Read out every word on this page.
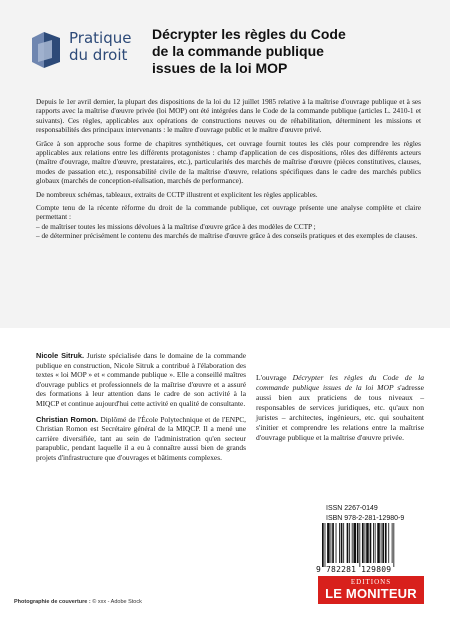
Pratique
du droit
Décrypter les règles du Code
de la commande publique
issues de la loi MOP

Depuis le 1er avril dernier, la plupart des dispositions de la loi du 12 juillet 1985 relative à la maîtrise d'ouvrage publique et à ses rapports avec la maîtrise d'œuvre privée (loi MOP) ont été intégrées dans le Code de la commande publique (articles L. 2410-1 et suivants). Ces règles, applicables aux opérations de constructions neuves ou de réhabilitation, déterminent les missions et responsabilités des principaux intervenants : le maître d'ouvrage public et le maître d'œuvre privé.

Grâce à son approche sous forme de chapitres synthétiques, cet ouvrage fournit toutes les clés pour comprendre les règles applicables aux relations entre les différents protagonistes : champ d'application de ces dispositions, rôles des différents acteurs (maître d'ouvrage, maître d'œuvre, prestataires, etc.), particularités des marchés de maîtrise d'œuvre (pièces constitutives, clauses, modes de passation etc.), responsabilité civile de la maîtrise d'œuvre, relations spécifiques dans le cadre des marchés publics globaux (marchés de conception-réalisation, marchés de performance).

De nombreux schémas, tableaux, extraits de CCTP illustrent et explicitent les règles applicables.

Compte tenu de la récente réforme du droit de la commande publique, cet ouvrage présente une analyse complète et claire permettant :

– de maîtriser toutes les missions dévolues à la maîtrise d'œuvre grâce à des modèles de CCTP ;
– de déterminer précisément le contenu des marchés de maîtrise d'œuvre grâce à des conseils pratiques et des exemples de clauses.

Nicole Sitruk. Juriste spécialisée dans le domaine de la commande publique en construction, Nicole Sitruk a contribué à l'élaboration des textes « loi MOP » et « commande publique ». Elle a conseillé maîtres d'ouvrage publics et professionnels de la maîtrise d'œuvre et a assuré des formations à leur attention dans le cadre de son activité à la MIQCP et continue aujourd'hui cette activité en qualité de consultante.

Christian Romon. Diplômé de l'École Polytechnique et de l'ENPC, Christian Romon est Secrétaire général de la MIQCP. Il a mené une carrière diversifiée, tant au sein de l'administration qu'en secteur parapublic, pendant laquelle il a eu à connaître aussi bien de grands projets d'infrastructure que d'ouvrages et bâtiments complexes.

L'ouvrage Décrypter les règles du Code de la commande publique issues de la loi MOP s'adresse aussi bien aux praticiens de tous niveaux – responsables de services juridiques, etc. qu'aux non juristes – architectes, ingénieurs, etc. qui souhaitent s'initier et comprendre les relations entre la maîtrise d'ouvrage publique et la maîtrise d'œuvre privée.
ISSN 2267-0149
ISBN 978-2-281-12980-9
9 782281 129809
EDITIONS
LE MONITEUR
Photographie de couverture : © xxx - Adobe Stock
